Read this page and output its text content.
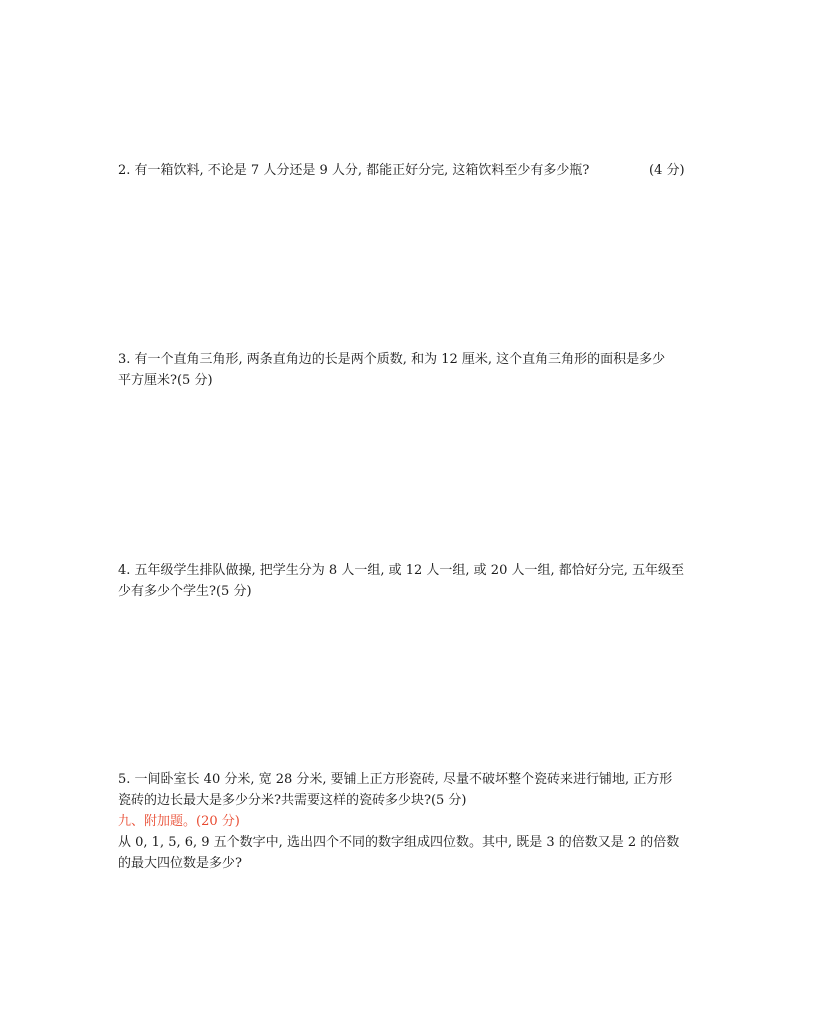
2. 有一箱饮料, 不论是 7 人分还是 9 人分, 都能正好分完, 这箱饮料至少有多少瓶?	(4 分)
3. 有一个直角三角形, 两条直角边的长是两个质数, 和为 12 厘米, 这个直角三角形的面积是多少
平方厘米?(5 分)
4. 五年级学生排队做操, 把学生分为 8 人一组, 或 12 人一组, 或 20 人一组, 都恰好分完, 五年级至
少有多少个学生?(5 分)
5. 一间卧室长 40 分米, 宽 28 分米, 要铺上正方形瓷砖, 尽量不破坏整个瓷砖来进行铺地, 正方形
瓷砖的边长最大是多少分米?共需要这样的瓷砖多少块?(5 分)
九、附加题。(20 分)
从 0, 1, 5, 6, 9 五个数字中, 选出四个不同的数字组成四位数。其中, 既是 3 的倍数又是 2 的倍数
的最大四位数是多少?
